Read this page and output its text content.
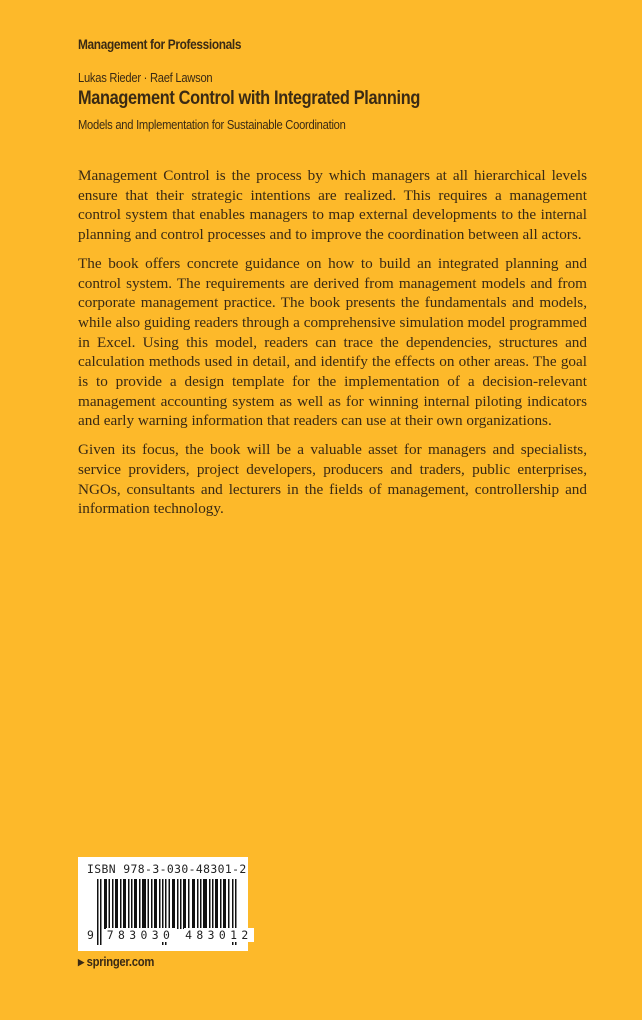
Management for Professionals
Lukas Rieder · Raef Lawson
Management Control with Integrated Planning
Models and Implementation for Sustainable Coordination

Management Control is the process by which managers at all hierarchical levels ensure that their strategic intentions are realized. This requires a management control system that enables managers to map external developments to the internal planning and control processes and to improve the coordination between all actors.

The book offers concrete guidance on how to build an integrated planning and control system. The requirements are derived from management models and from corporate management practice. The book presents the fundamentals and models, while also guiding readers through a comprehensive simulation model programmed in Excel. Using this model, readers can trace the dependencies, structures and calculation methods used in detail, and identify the effects on other areas. The goal is to provide a design template for the implementation of a decision-relevant management accounting system as well as for winning internal piloting indicators and early warning information that readers can use at their own organizations.

Given its focus, the book will be a valuable asset for managers and specialists, service providers, project developers, producers and traders, public enterprises, NGOs, consultants and lecturers in the fields of management, controllership and information technology.

ISBN 978-3-030-48301-2
9 783030 483012
▶ springer.com
